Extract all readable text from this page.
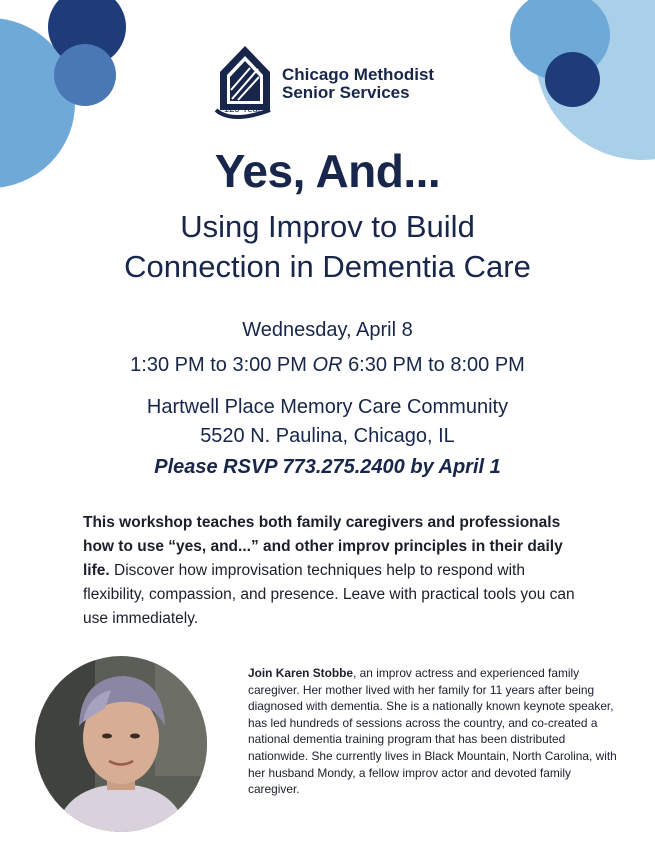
Chicago Methodist
Senior Services
125 Years
Yes, And...
Using Improv to Build
Connection in Dementia Care
Wednesday, April 8
1:30 PM to 3:00 PM OR 6:30 PM to 8:00 PM
Hartwell Place Memory Care Community
5520 N. Paulina, Chicago, IL
Please RSVP 773.275.2400 by April 1
This workshop teaches both family caregivers and professionals how to use “yes, and...” and other improv principles in their daily life. Discover how improvisation techniques help to respond with flexibility, compassion, and presence. Leave with practical tools you can use immediately.
Join Karen Stobbe, an improv actress and experienced family caregiver. Her mother lived with her family for 11 years after being diagnosed with dementia. She is a nationally known keynote speaker, has led hundreds of sessions across the country, and co-created a national dementia training program that has been distributed nationwide. She currently lives in Black Mountain, North Carolina, with her husband Mondy, a fellow improv actor and devoted family caregiver.
